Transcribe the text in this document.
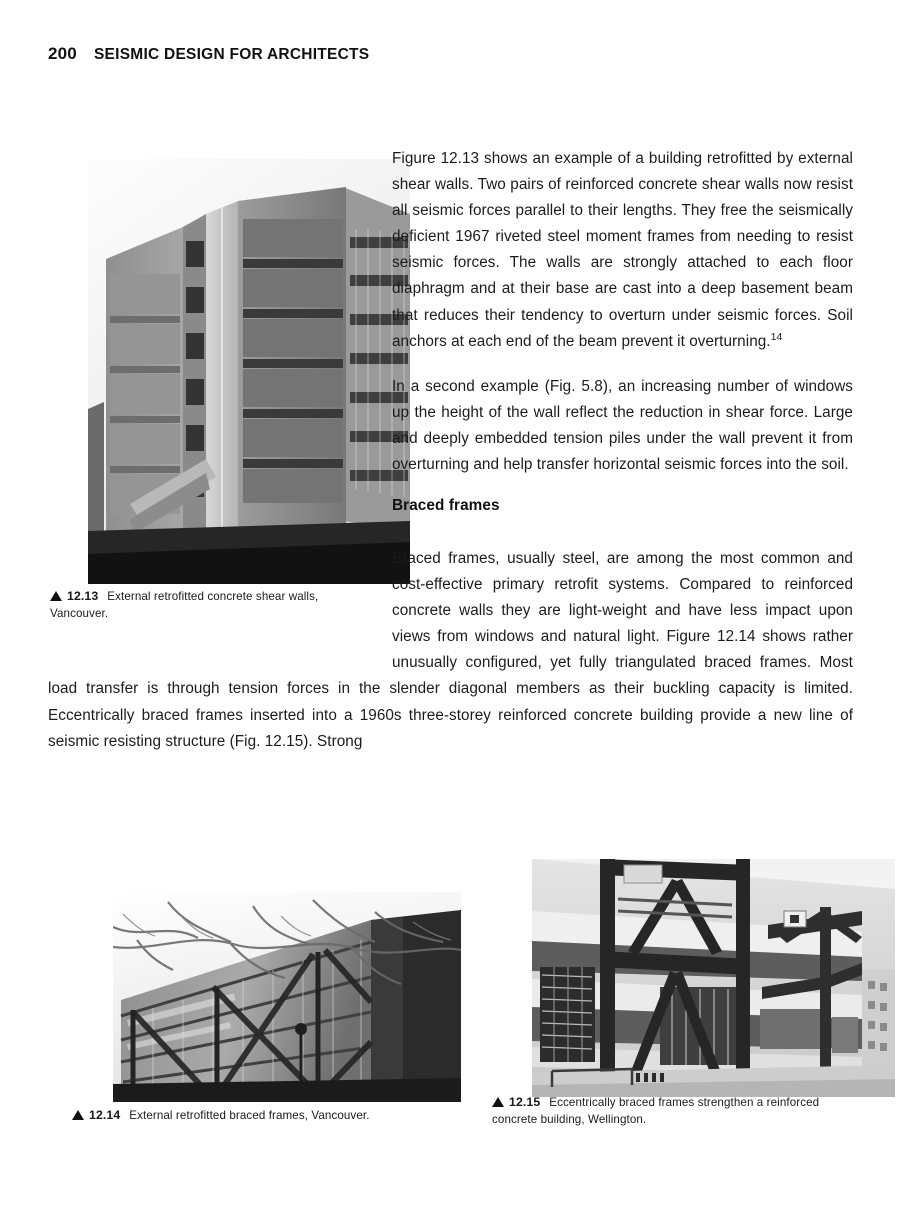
200 SEISMIC DESIGN FOR ARCHITECTS

Figure 12.13 shows an example of a building retrofitted by external shear walls. Two pairs of reinforced concrete shear walls now resist all seismic forces parallel to their lengths. They free the seismically deficient 1967 riveted steel moment frames from needing to resist seismic forces. The walls are strongly attached to each floor diaphragm and at their base are cast into a deep basement beam that reduces their tendency to overturn under seismic forces. Soil anchors at each end of the beam prevent it overturning.$^{14}$

In a second example (Fig. 5.8), an increasing number of windows up the height of the wall reflect the reduction in shear force. Large and deeply embedded tension piles under the wall prevent it from overturning and help transfer horizontal seismic forces into the soil.

Braced frames

Braced frames, usually steel, are among the most common and cost-effective primary retrofit systems. Compared to reinforced concrete walls they are light-weight and have less impact upon views from windows and natural light. Figure 12.14 shows rather unusually configured, yet fully triangulated braced frames. Most load transfer is through tension forces in the slender diagonal members as their buckling capacity is limited. Eccentrically braced frames inserted into a 1960s three-storey reinforced concrete building provide a new line of seismic resisting structure (Fig. 12.15). Strong

12.13 External retrofitted concrete shear walls, Vancouver.
12.14 External retrofitted braced frames, Vancouver.
12.15 Eccentrically braced frames strengthen a reinforced concrete building, Wellington.
